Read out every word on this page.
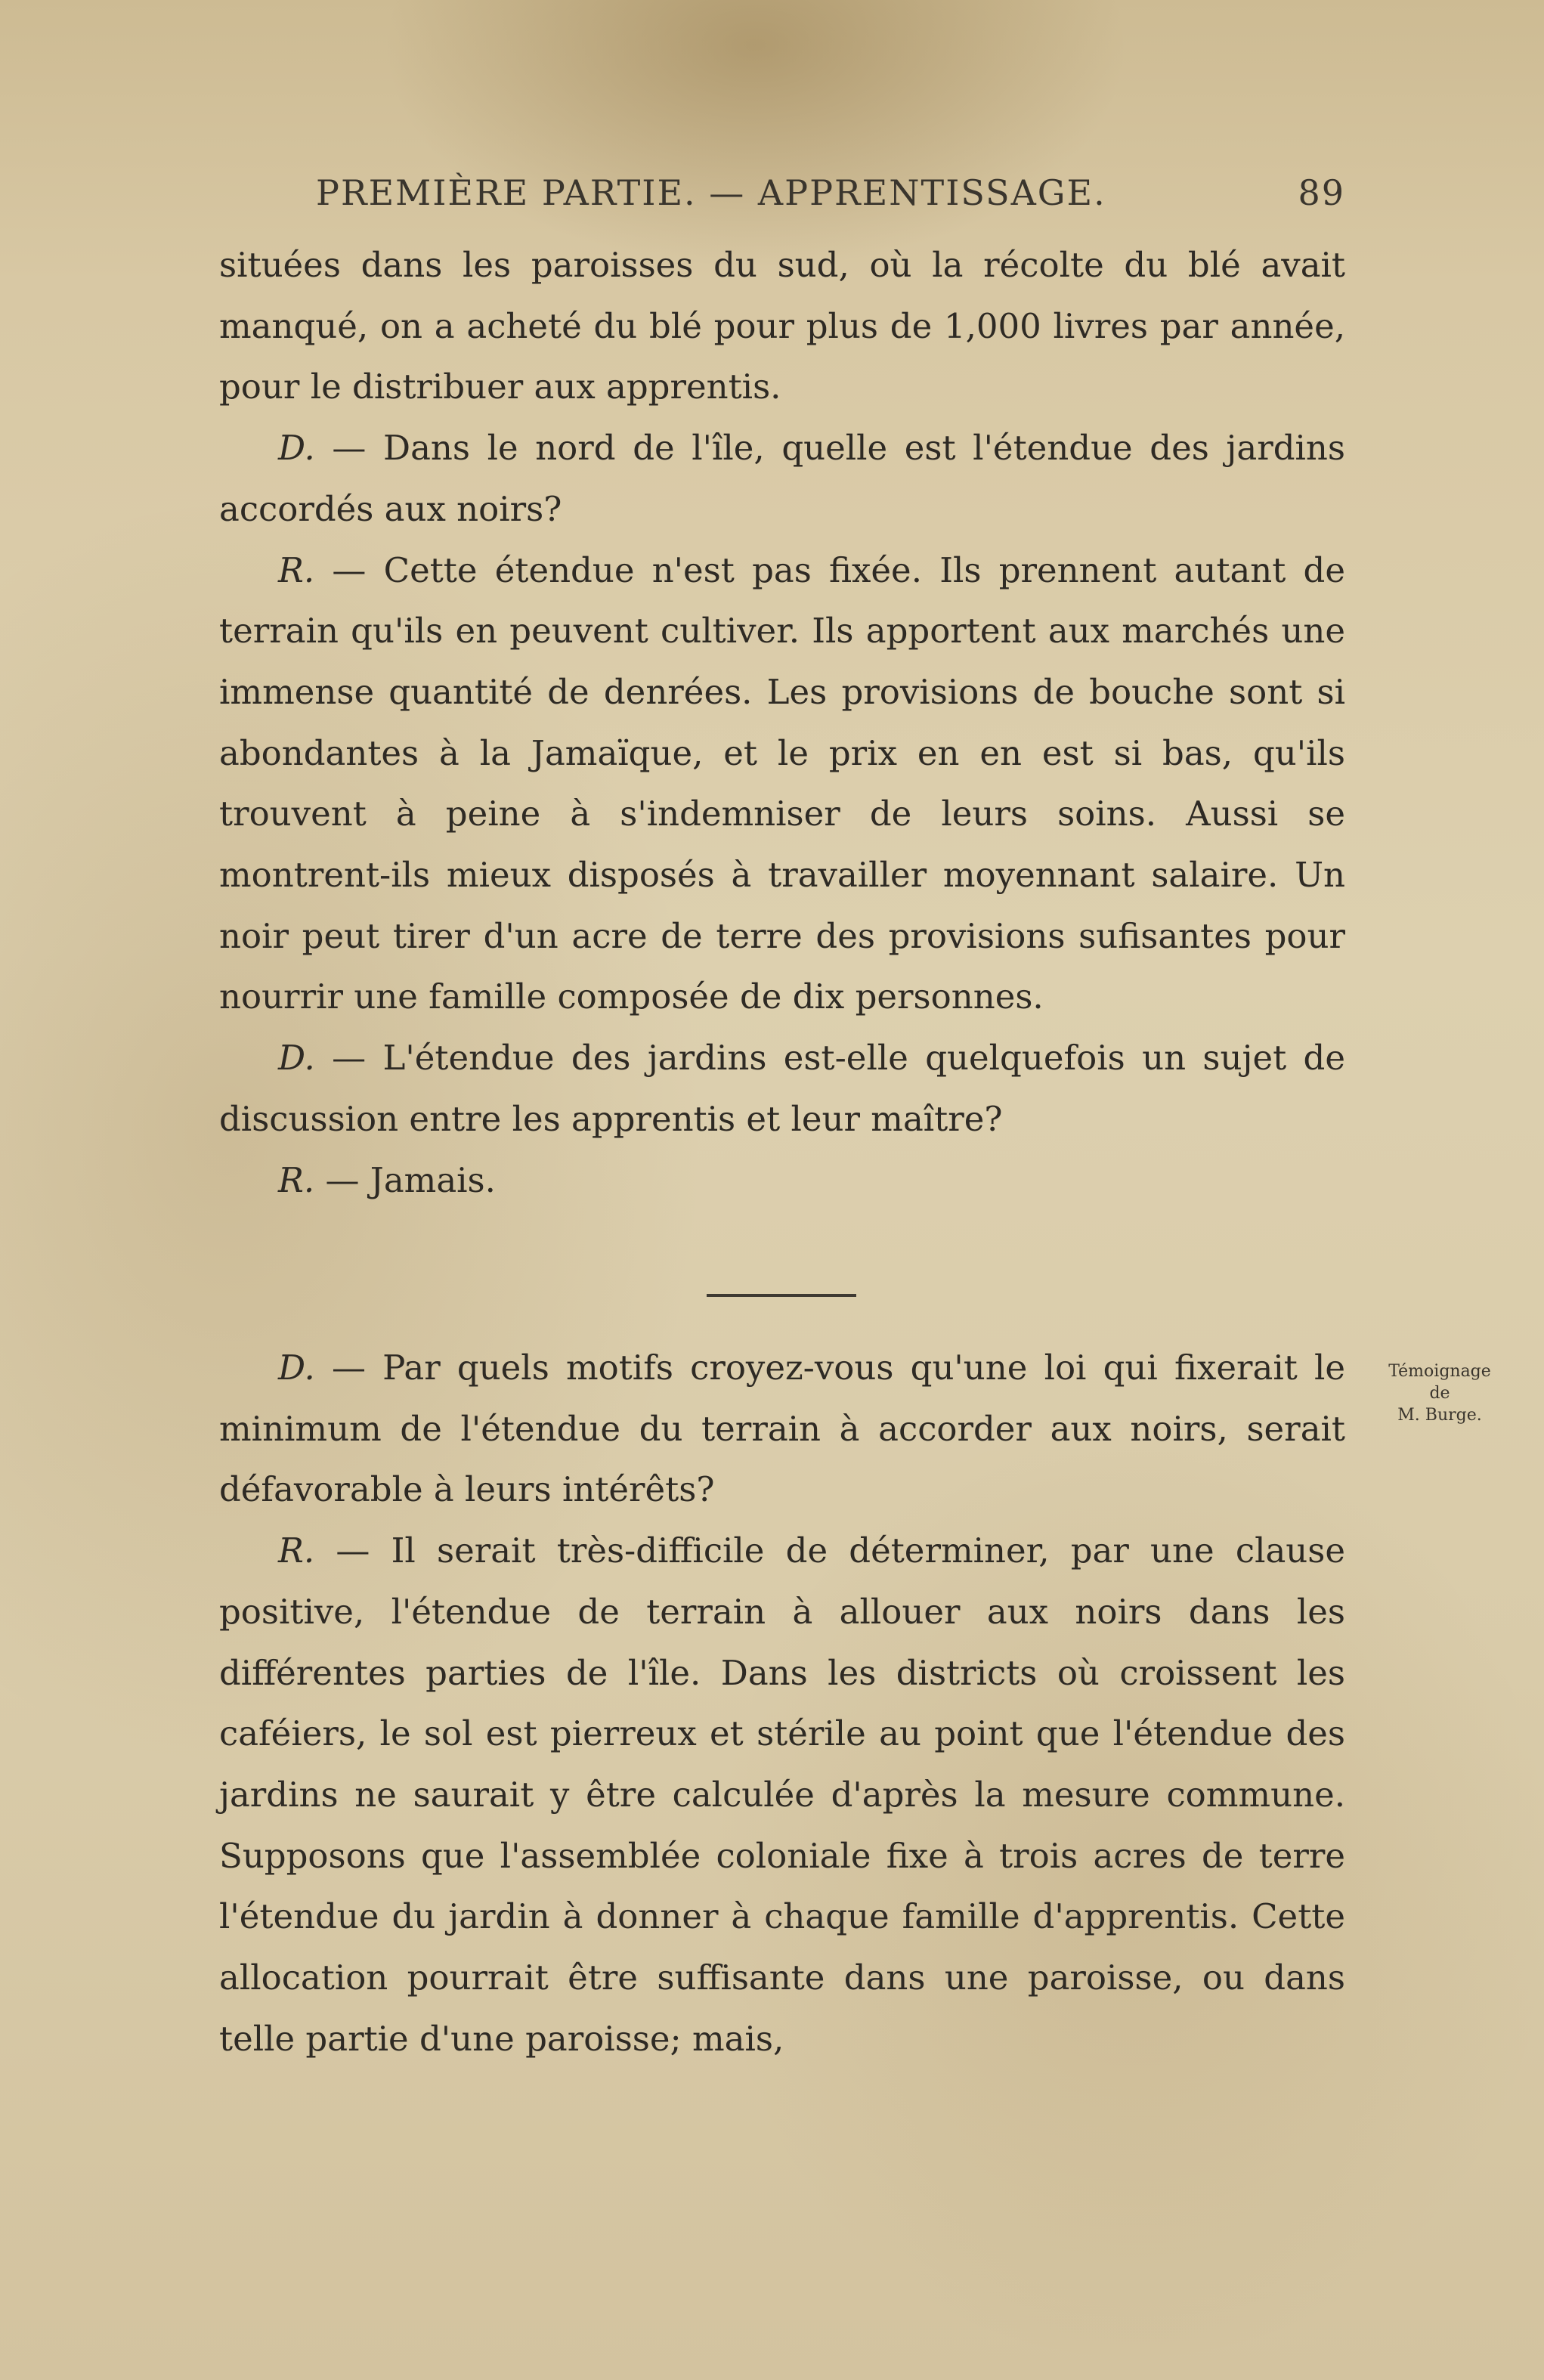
PREMIÈRE PARTIE. — APPRENTISSAGE.	89

situées dans les paroisses du sud, où la récolte du blé avait manqué, on a acheté du blé pour plus de 1,000 livres par année, pour le distribuer aux apprentis.

D. — Dans le nord de l'île, quelle est l'étendue des jardins accordés aux noirs?

R. — Cette étendue n'est pas fixée. Ils prennent autant de terrain qu'ils en peuvent cultiver. Ils apportent aux marchés une immense quantité de denrées. Les provisions de bouche sont si abondantes à la Jamaïque, et le prix en en est si bas, qu'ils trouvent à peine à s'indemniser de leurs soins. Aussi se montrent-ils mieux disposés à travailler moyennant salaire. Un noir peut tirer d'un acre de terre des provisions sufisantes pour nourrir une famille composée de dix personnes.

D. — L'étendue des jardins est-elle quelquefois un sujet de discussion entre les apprentis et leur maître?

R. — Jamais.

Témoignage
de
M. Burge.

D. — Par quels motifs croyez-vous qu'une loi qui fixerait le minimum de l'étendue du terrain à accorder aux noirs, serait défavorable à leurs intérêts?

R. — Il serait très-difficile de déterminer, par une clause positive, l'étendue de terrain à allouer aux noirs dans les différentes parties de l'île. Dans les districts où croissent les caféiers, le sol est pierreux et stérile au point que l'étendue des jardins ne saurait y être calculée d'après la mesure commune. Supposons que l'assemblée coloniale fixe à trois acres de terre l'étendue du jardin à donner à chaque famille d'apprentis. Cette allocation pourrait être suffisante dans une paroisse, ou dans telle partie d'une paroisse; mais,
